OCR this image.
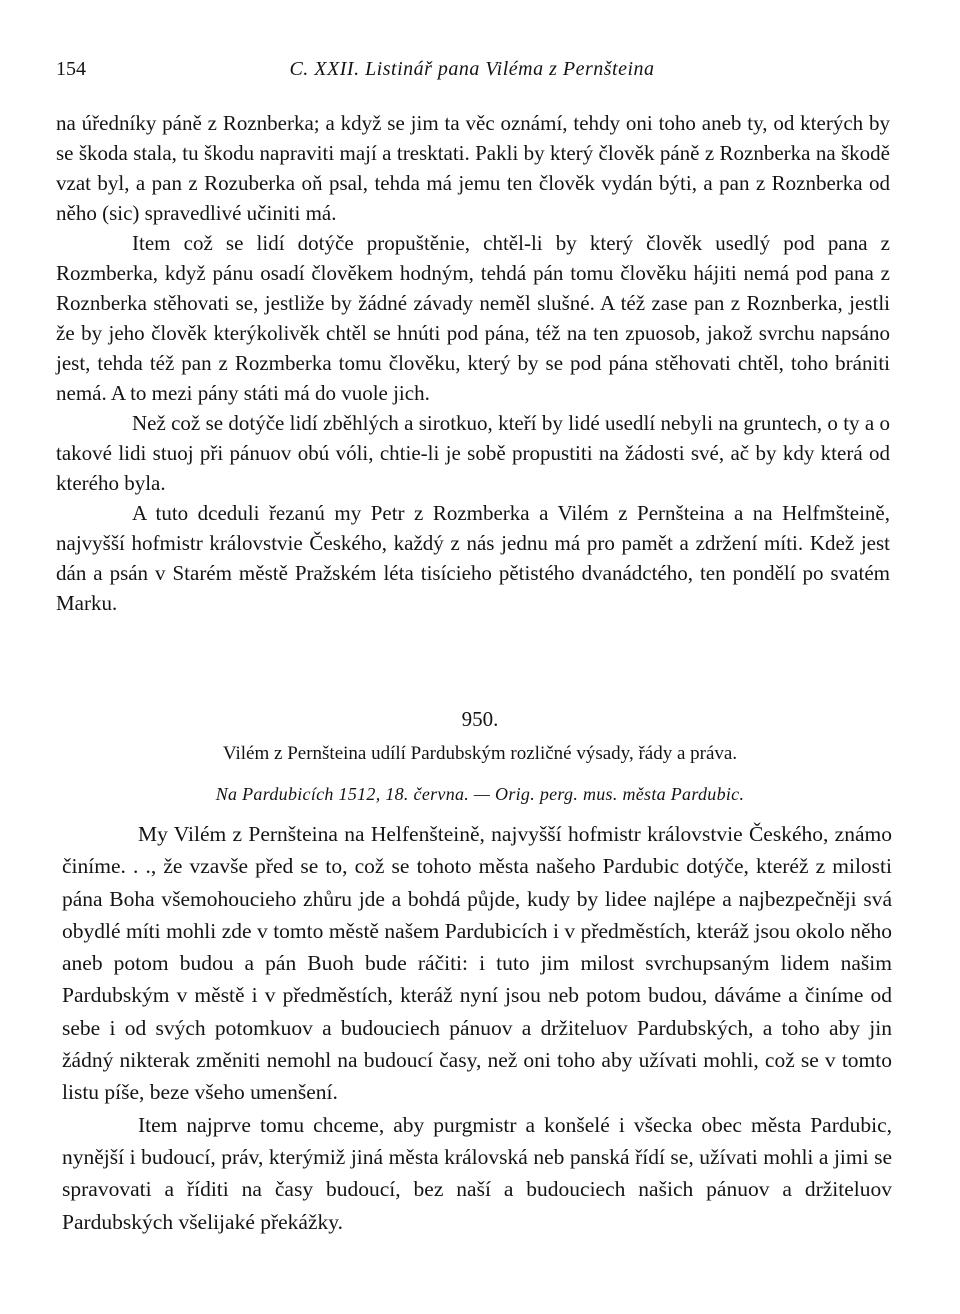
154	C. XXII. Listinář pana Viléma z Pernšteina

na úředníky páně z Roznberka; a když se jim ta věc oznámí, tehdy oni toho aneb ty, od kterých by se škoda stala, tu škodu napraviti mají a tresktati. Pakli by který člověk páně z Roznberka na škodě vzat byl, a pan z Rozuberka oň psal, tehda má jemu ten člověk vydán býti, a pan z Roznberka od něho (sic) spravedlivé učiniti má.

Item což se lidí dotýče propuštěnie, chtěl-li by který člověk usedlý pod pana z Rozmberka, když pánu osadí člověkem hodným, tehdá pán tomu člověku hájiti nemá pod pana z Roznberka stěhovati se, jestliže by žádné závady neměl slušné. A též zase pan z Roznberka, jestli že by jeho člověk kterýkolivěk chtěl se hnúti pod pána, též na ten zpuosob, jakož svrchu napsáno jest, tehda též pan z Rozmberka tomu člověku, který by se pod pána stěhovati chtěl, toho brániti nemá. A to mezi pány státi má do vuole jich.

Než což se dotýče lidí zběhlých a sirotkuo, kteří by lidé usedlí nebyli na gruntech, o ty a o takové lidi stuoj při pánuov obú vóli, chtie-li je sobě propustiti na žádosti své, ač by kdy která od kterého byla.

A tuto dceduli řezanú my Petr z Rozmberka a Vilém z Pernšteina a na Helfmšteině, najvyšší hofmistr královstvie Českého, každý z nás jednu má pro pamět a zdržení míti. Kdež jest dán a psán v Starém městě Pražském léta tisícieho pětistého dvanádctého, ten pondělí po svatém Marku.

950.
Vilém z Pernšteina udílí Pardubským rozličné výsady, řády a práva.
Na Pardubicích 1512, 18. června. — Orig. perg. mus. města Pardubic.

My Vilém z Pernšteina na Helfenšteině, najvyšší hofmistr královstvie Českého, známo činíme. . ., že vzavše před se to, což se tohoto města našeho Pardubic dotýče, kteréž z milosti pána Boha všemohoucieho zhůru jde a bohdá půjde, kudy by lidee najlépe a najbezpečněji svá obydlé míti mohli zde v tomto městě našem Pardubicích i v předměstích, kteráž jsou okolo něho aneb potom budou a pán Buoh bude ráčiti: i tuto jim milost svrchupsaným lidem našim Pardubským v městě i v předměstích, kteráž nyní jsou neb potom budou, dáváme a činíme od sebe i od svých potomkuov a budouciech pánuov a držiteluov Pardubských, a toho aby jin žádný nikterak změniti nemohl na budoucí časy, než oni toho aby užívati mohli, což se v tomto listu píše, beze všeho umenšení.

Item najprve tomu chceme, aby purgmistr a konšelé i všecka obec města Pardubic, nynější i budoucí, práv, kterýmiž jiná města královská neb panská řídí se, užívati mohli a jimi se spravovati a říditi na časy budoucí, bez naší a budouciech našich pánuov a držiteluov Pardubských všelijaké překážky.
